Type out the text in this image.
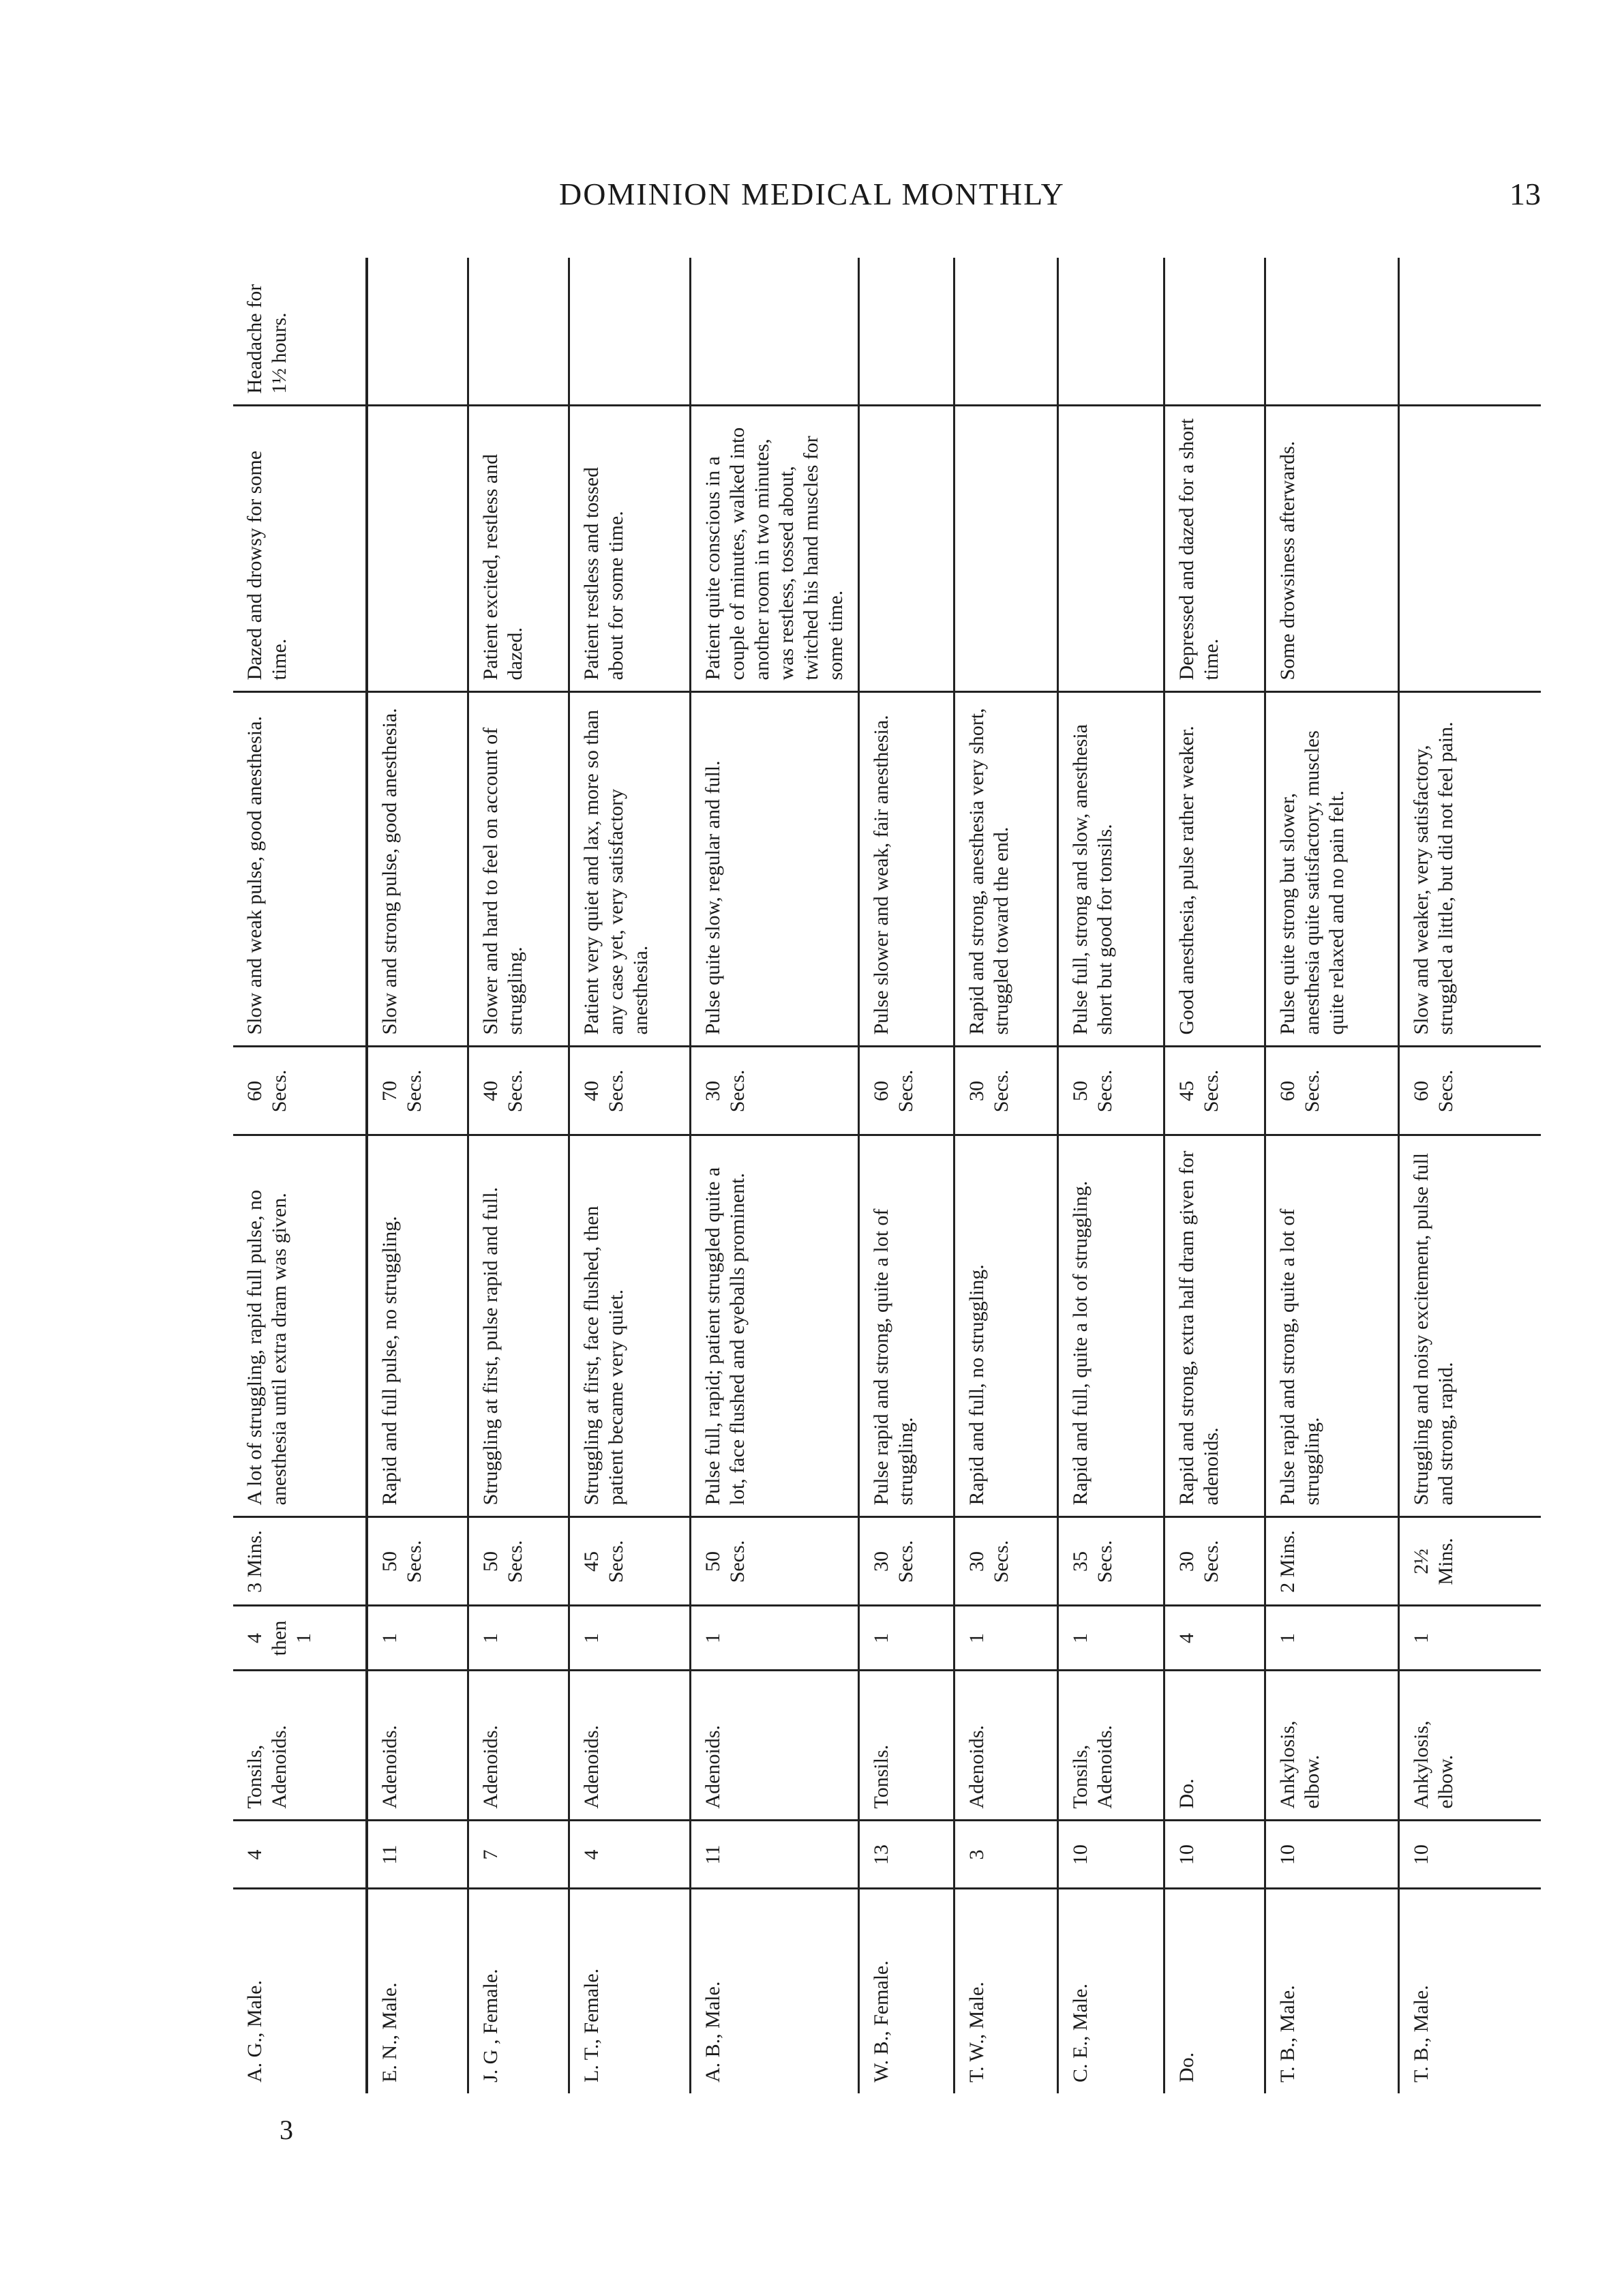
DOMINION MEDICAL MONTHLY	13
A. G., Male.	4	Tonsils, Adenoids.	4 then 1	3 Mins.	A lot of struggling, rapid full pulse, no anesthesia until extra dram was given.	60 Secs.	Slow and weak pulse, good anesthesia.	Dazed and drowsy for some time.	Headache for 1½ hours.
E. N., Male.	11	Adenoids.	1	50 Secs.	Rapid and full pulse, no struggling.	70 Secs.	Slow and strong pulse, good anesthesia.		
J. G , Female.	7	Adenoids.	1	50 Secs.	Struggling at first, pulse rapid and full.	40 Secs.	Slower and hard to feel on account of struggling.	Patient excited, restless and dazed.	
L. T., Female.	4	Adenoids.	1	45 Secs.	Struggling at first, face flushed, then patient became very quiet.	40 Secs.	Patient very quiet and lax, more so than any case yet, very satisfactory anesthesia.	Patient restless and tossed about for some time.	
A. B., Male.	11	Adenoids.	1	50 Secs.	Pulse full, rapid; patient struggled quite a lot, face flushed and eyeballs prominent.	30 Secs.	Pulse quite slow, regular and full.	Patient quite conscious in a couple of minutes, walked into another room in two minutes, was restless, tossed about, twitched his hand muscles for some time.	
W. B., Female.	13	Tonsils.	1	30 Secs.	Pulse rapid and strong, quite a lot of struggling.	60 Secs.	Pulse slower and weak, fair anesthesia.		
T. W., Male.	3	Adenoids.	1	30 Secs.	Rapid and full, no struggling.	30 Secs.	Rapid and strong, anesthesia very short, struggled toward the end.		
C. E., Male.	10	Tonsils, Adenoids.	1	35 Secs.	Rapid and full, quite a lot of struggling.	50 Secs.	Pulse full, strong and slow, anesthesia short but good for tonsils.		
Do.	10	Do.	4	30 Secs.	Rapid and strong, extra half dram given for adenoids.	45 Secs.	Good anesthesia, pulse rather weaker.	Depressed and dazed for a short time.	
T. B., Male.	10	Ankylosis, elbow.	1	2 Mins.	Pulse rapid and strong, quite a lot of struggling.	60 Secs.	Pulse quite strong but slower, anesthesia quite satisfactory, muscles quite relaxed and no pain felt.	Some drowsiness afterwards.	
T. B., Male.	10	Ankylosis, elbow.	1	2½ Mins.	Struggling and noisy excitement, pulse full and strong, rapid.	60 Secs.	Slow and weaker, very satisfactory, struggled a little, but did not feel pain.		
3
